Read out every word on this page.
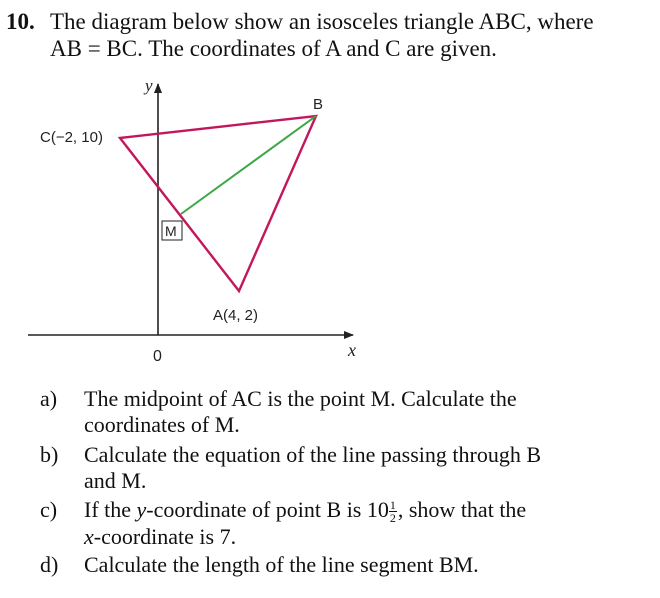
10. The diagram below show an isosceles triangle ABC, where
AB = BC. The coordinates of A and C are given.
y
x
0
C(−2, 10)
B
M
A(4, 2)
a) The midpoint of AC is the point M. Calculate the
coordinates of M.
b) Calculate the equation of the line passing through B
and M.
c) If the y-coordinate of point B is $10 \frac{1}{2}$ , show that the
x-coordinate is 7.
d) Calculate the length of the line segment BM.
